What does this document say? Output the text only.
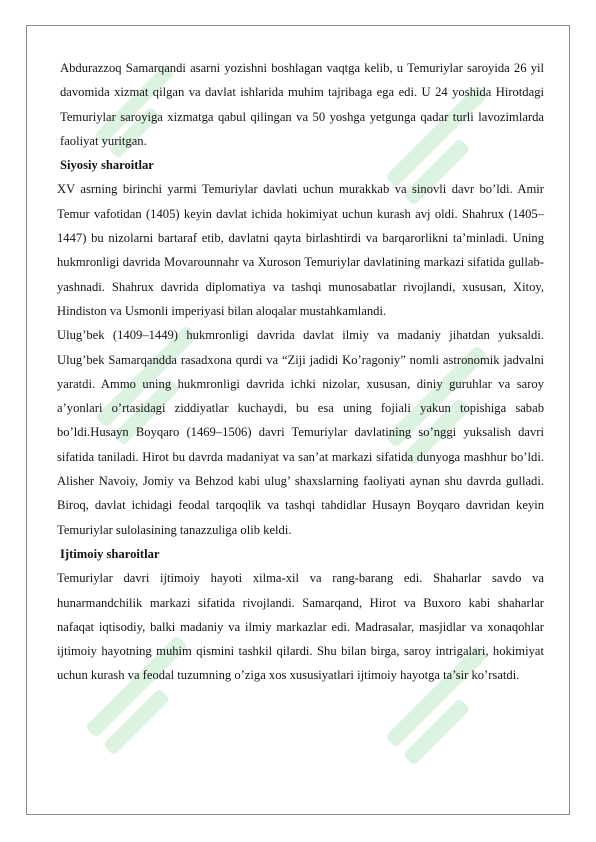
Abdurazzoq Samarqandi asarni yozishni boshlagan vaqtga kelib, u Temuriylar saroyida 26 yil davomida xizmat qilgan va davlat ishlarida muhim tajribaga ega edi. U 24 yoshida Hirotdagi Temuriylar saroyiga xizmatga qabul qilingan va 50 yoshga yetgunga qadar turli lavozimlarda faoliyat yuritgan.

Siyosiy sharoitlar

XV asrning birinchi yarmi Temuriylar davlati uchun murakkab va sinovli davr bo’ldi. Amir Temur vafotidan (1405) keyin davlat ichida hokimiyat uchun kurash avj oldi. Shahrux (1405–1447) bu nizolarni bartaraf etib, davlatni qayta birlashtirdi va barqarorlikni ta’minladi. Uning hukmronligi davrida Movarounnahr va Xuroson Temuriylar davlatining markazi sifatida gullab-yashnadi. Shahrux davrida diplomatiya va tashqi munosabatlar rivojlandi, xususan, Xitoy, Hindiston va Usmonli imperiyasi bilan aloqalar mustahkamlandi.

Ulug’bek (1409–1449) hukmronligi davrida davlat ilmiy va madaniy jihatdan yuksaldi. Ulug’bek Samarqandda rasadxona qurdi va “Ziji jadidi Ko’ragoniy” nomli astronomik jadvalni yaratdi. Ammo uning hukmronligi davrida ichki nizolar, xususan, diniy guruhlar va saroy a’yonlari o’rtasidagi ziddiyatlar kuchaydi, bu esa uning fojiali yakun topishiga sabab bo’ldi.Husayn Boyqaro (1469–1506) davri Temuriylar davlatining so’nggi yuksalish davri sifatida taniladi. Hirot bu davrda madaniyat va san’at markazi sifatida dunyoga mashhur bo’ldi. Alisher Navoiy, Jomiy va Behzod kabi ulug’ shaxslarning faoliyati aynan shu davrda gulladi. Biroq, davlat ichidagi feodal tarqoqlik va tashqi tahdidlar Husayn Boyqaro davridan keyin Temuriylar sulolasining tanazzuliga olib keldi.

Ijtimoiy sharoitlar

Temuriylar davri ijtimoiy hayoti xilma-xil va rang-barang edi. Shaharlar savdo va hunarmandchilik markazi sifatida rivojlandi. Samarqand, Hirot va Buxoro kabi shaharlar nafaqat iqtisodiy, balki madaniy va ilmiy markazlar edi. Madrasalar, masjidlar va xonaqohlar ijtimoiy hayotning muhim qismini tashkil qilardi. Shu bilan birga, saroy intrigalari, hokimiyat uchun kurash va feodal tuzumning o’ziga xos xususiyatlari ijtimoiy hayotga ta’sir ko’rsatdi.
